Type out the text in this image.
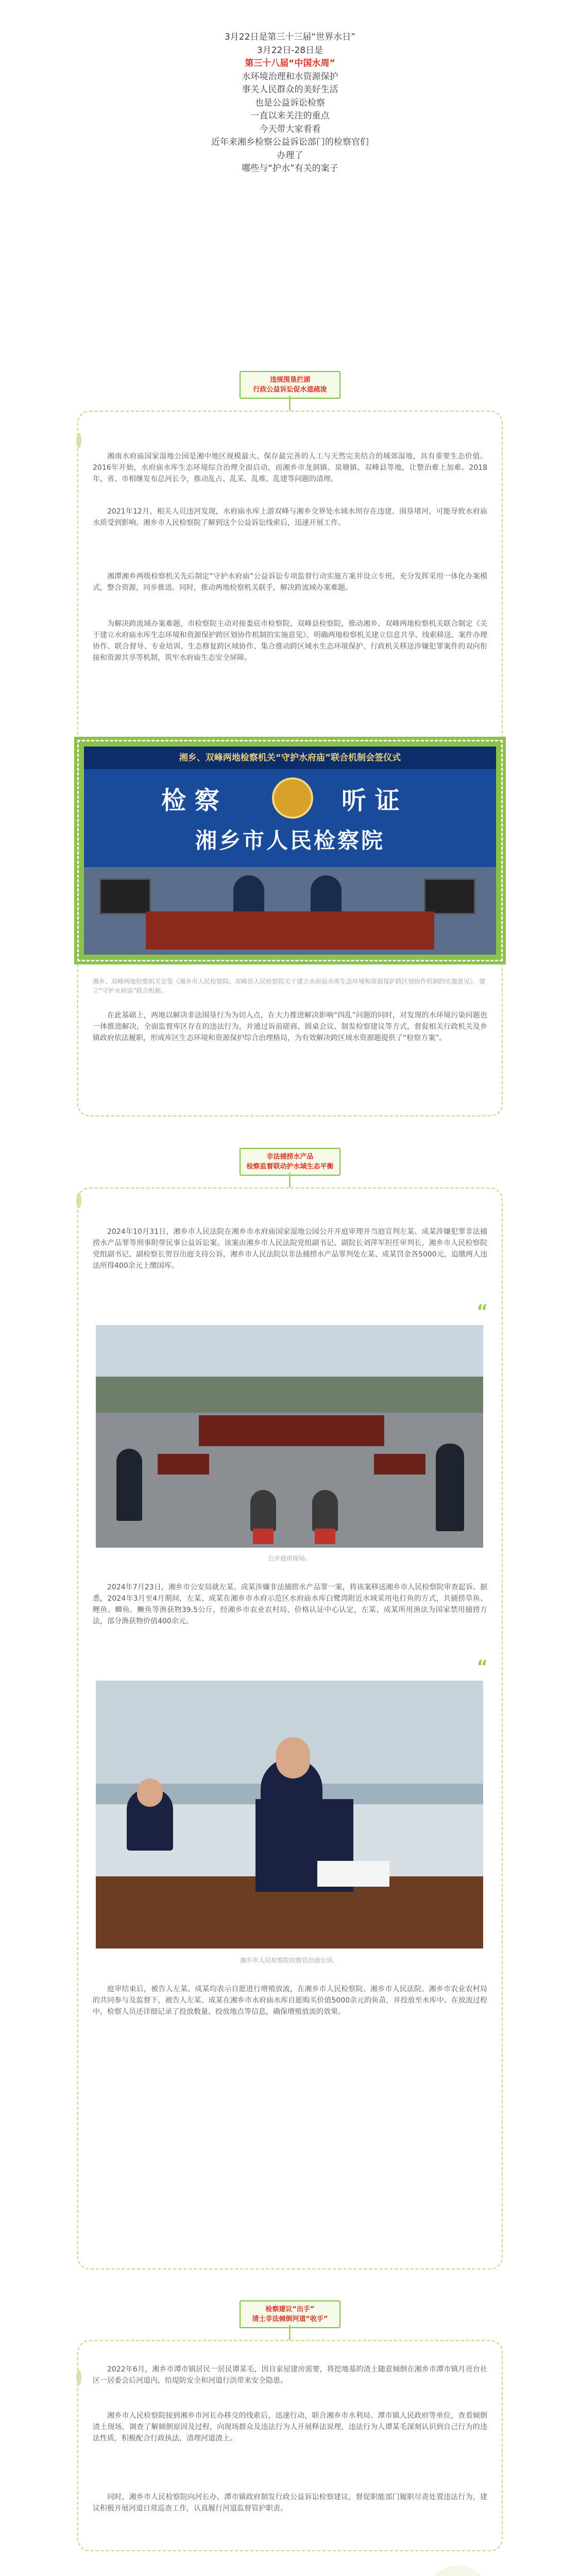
3月22日是第三十三届“世界水日”

3月22日-28日是

第三十八届“中国水周”

水环境治理和水资源保护

事关人民群众的美好生活

也是公益诉讼检察

一直以来关注的重点

今天带大家看看

近年来湘乡检察公益诉讼部门的检察官们

办理了

哪些与“护水”有关的案子

违规围垦拦湖
行政公益诉讼促水道疏浚

湘南水府庙国家湿地公园是湘中地区规模最大、保存最完善的人工与天然完美结合的城郊湿地，具有重要生态价值。2016年开始，水府庙水库生态环境综合治理全面启动，而湘乡市龙洞镇、泉塘镇、双峰县等地，让整治难上加难。2018年，省、市相继发布总河长令，推动乱占、乱采、乱堆、乱建等问题的清理。

2021年12月，相关人员违河发现，水府庙水库上游双峰与湘乡交界处水域水坝存在违建、围垦堵河，可能导致水府庙水质受到影响。湘乡市人民检察院了解到这个公益诉讼线索后，迅速开展工作。

湘潭湘乡两级检察机关先后制定“守护水府庙”公益诉讼专项监督行动实施方案并设立专班，充分发挥采用一体化办案模式，整合资源，同步推进。同时，推动两地检察机关联手，解决跨流域办案难题。

为解决跨流域办案难题，市检察院主动对接娄底市检察院、双峰县检察院，推动湘乡、双峰两地检察机关联合制定《关于建立水府庙水库生态环境和资源保护跨区划协作机制的实施意见》，明确两地检察机关建立信息共享、线索移送、案件办理协作、联合督导、专业培训、生态修复跨区域协作、集合推动跨区域水生态环境保护、行政机关移送涉嫌犯罪案件的双向衔接和资源共享等机制，筑牢水府庙生态安全屏障。

湘乡、双峰两地检察机关“守护水府庙”联合机制会签仪式
检 察	听 证
湘乡市人民检察院

湘乡、双峰两地检察机关会签《湘乡市人民检察院、双峰县人民检察院关于建立水府庙水库生态环境和资源保护跨区划协作机制的实施意见》，建立“守护水府庙”联合机制。

在此基础上，两地以解决非法围垦行为为切入点，在大力推进解决影响“四乱”问题的同时，对发现的水环境污染问题也一体推进解决，全面监督库区存在的违法行为，并通过诉前磋商、圆桌会议、制发检察建议等方式，督促相关行政机关及乡镇政府依法履职，形成库区生态环境和资源保护综合治理格局，为有效解决跨区域水资源题提供了“检察方案”。

非法捕捞水产品
检察监督联动护水域生态平衡

2024年10月31日，湘乡市人民法院在湘乡市水府庙国家湿地公园公开开庭审理并当庭宣判左某、成某涉嫌犯罪非法捕捞水产品罪等刑事附带民事公益诉讼案。该案由湘乡市人民法院党组副书记、副院长刘萍军担任审判长，湘乡市人民检察院党组副书记、副检察长贺谷出庭支持公诉，湘乡市人民法院以非法捕捞水产品罪判处左某、成某罚金各5000元，追缴两人违法所得400余元上缴国库。

“

公开庭审现场。

2024年7月23日，湘乡市公安局就左某、成某涉嫌非法捕捞水产品罪一案，将该案移送湘乡市人民检察院审查起诉。据悉，2024年3月至4月期间，左某、成某在湘乡市水府示范区水府庙水库白鹭湾附近水域采用电打鱼的方式，共捕捞草鱼、鲤鱼、鲫鱼、鳜鱼等渔获物39.5公斤，经湘乡市农业农村局、价格认证中心认定，左某、成某所用渔法为国家禁用捕捞方法，部分渔获物价值400余元。

“

湘乡市人民检察院检察官出庭公诉。

庭审结束后，被告人左某、成某均表示自愿进行增殖放流，在湘乡市人民检察院、湘乡市人民法院、湘乡市农业农村局的共同参与及监督下，被告人左某、成某在湘乡市水府庙水库自愿购买价值5000余元的鱼苗，并投放至水库中。在放流过程中，检察人员还详细记录了投放数量、投放地点等信息，确保增殖放流的效果。

检察建议“出手”
清土非法倾倒河道“收手”

2022年6月，湘乡市潭市镇居民一居民谭某毛，因自家屋建房需要，将挖地基的渣土随意倾倒在湘乡市潭市镇月亮台社区一居委会后河道内，给堤防安全和河道行洪带来安全隐患。

湘乡市人民检察院接到湘乡市河长办移交的线索后，迅速行动，联合湘乡市水利局、潭市镇人民政府等单位，查看倾倒渣土现场，调查了解倾倒原因及过程，向现场群众及违法行为人开展释法说理，违法行为人谭某毛深刻认识到自己行为的违法性质，积极配合行政执法，清理河道渣土。

同时，湘乡市人民检察院向河长办、潭市镇政府制发行政公益诉讼检察建议，督促职能部门履职尽责处置违法行为，建议积极开展河道日常巡查工作，认真履行河道监督管护职责。
